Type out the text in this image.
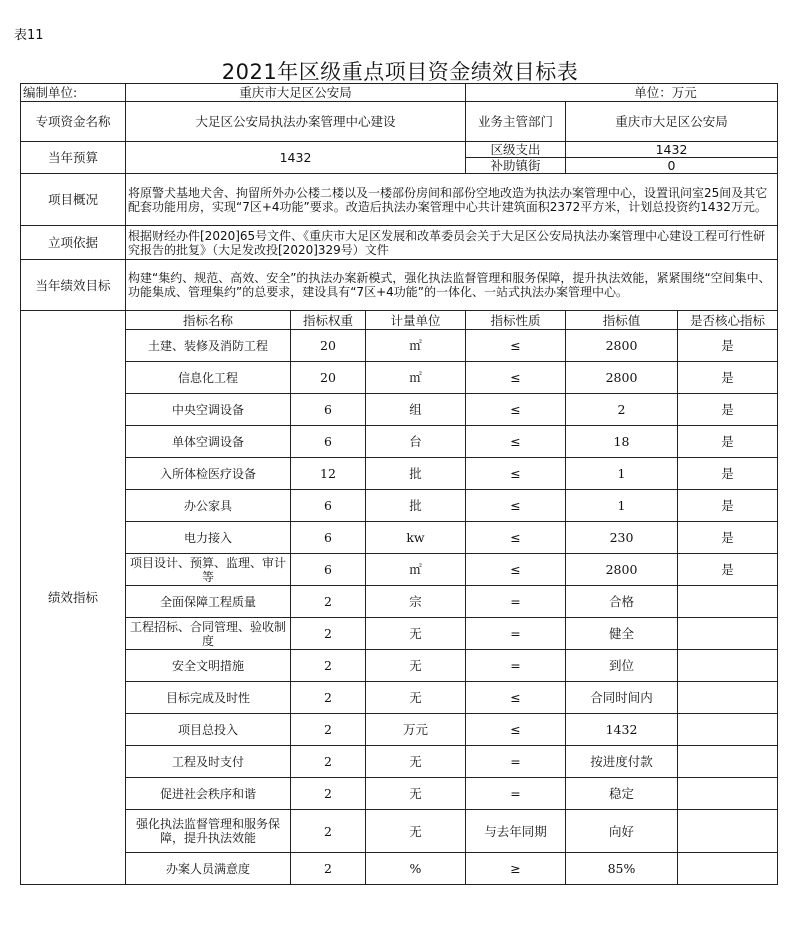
表11
2021年区级重点项目资金绩效目标表
编制单位:	重庆市大足区公安局			单位：万元		
专项资金名称	大足区公安局执法办案管理中心建设			业务主管部门	重庆市大足区公安局	
当年预算	1432			区级支出	1432	
				补助镇街	0	
项目概况	将原警犬基地犬舍、拘留所外办公楼二楼以及一楼部份房间和部份空地改造为执法办案管理中心，设置讯问室25间及其它配套功能用房，实现“7区+4功能”要求。改造后执法办案管理中心共计建筑面积2372平方米，计划总投资约1432万元。					
立项依据	根据财经办件[2020]65号文件、《重庆市大足区发展和改革委员会关于大足区公安局执法办案管理中心建设工程可行性研究报告的批复》（大足发改投[2020]329号）文件					
当年绩效目标	构建“集约、规范、高效、安全”的执法办案新模式，强化执法监督管理和服务保障，提升执法效能，紧紧围绕“空间集中、功能集成、管理集约”的总要求，建设具有“7区+4功能”的一体化、一站式执法办案管理中心。					
绩效指标	指标名称	指标权重	计量单位	指标性质	指标值	是否核心指标
	土建、装修及消防工程	20	㎡	≤	2800	是
	信息化工程	20	㎡	≤	2800	是
	中央空调设备	6	组	≤	2	是
	单体空调设备	6	台	≤	18	是
	入所体检医疗设备	12	批	≤	1	是
	办公家具	6	批	≤	1	是
	电力接入	6	kw	≤	230	是
	项目设计、预算、监理、审计等	6	㎡	≤	2800	是
	全面保障工程质量	2	宗	=	合格	
	工程招标、合同管理、验收制度	2	无	=	健全	
	安全文明措施	2	无	=	到位	
	目标完成及时性	2	无	≤	合同时间内	
	项目总投入	2	万元	≤	1432	
	工程及时支付	2	无	=	按进度付款	
	促进社会秩序和谐	2	无	=	稳定	
	强化执法监督管理和服务保障，提升执法效能	2	无	与去年同期	向好	
	办案人员满意度	2	%	≥	85%	
